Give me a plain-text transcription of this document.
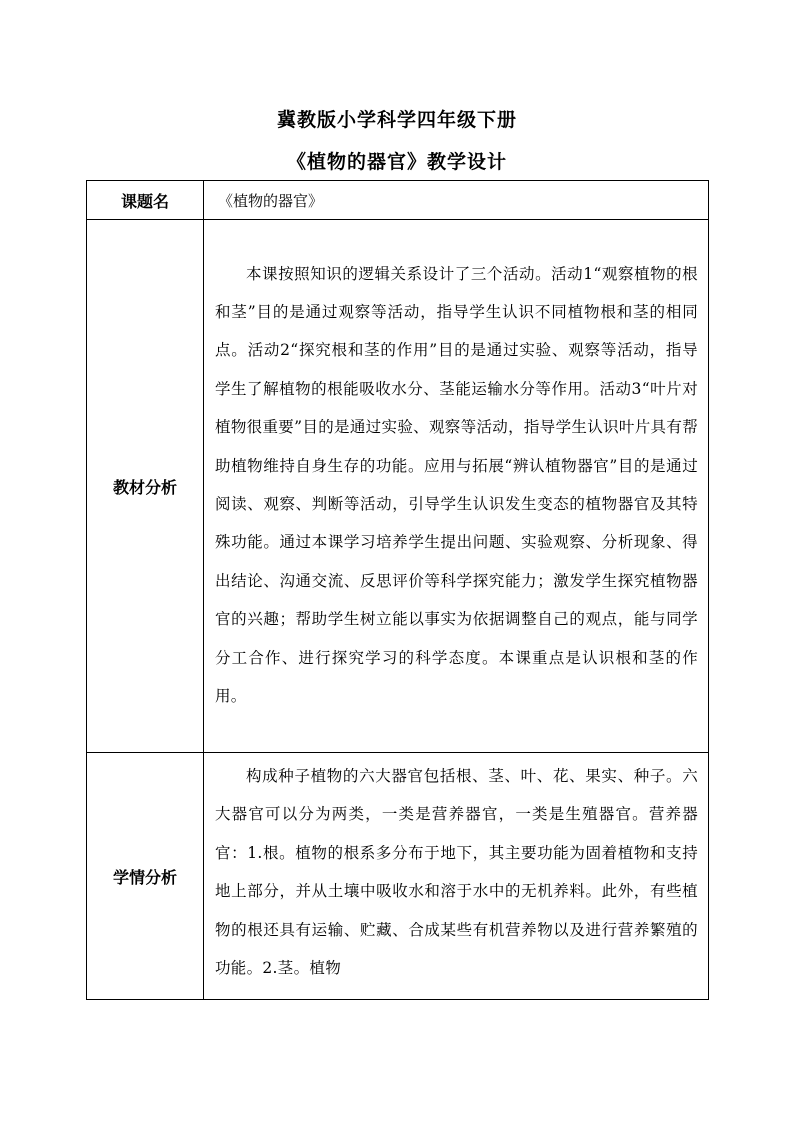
冀教版小学科学四年级下册
《植物的器官》教学设计
课题名	《植物的器官》
教材分析	本课按照知识的逻辑关系设计了三个活动。活动1“观察植物的根和茎”目的是通过观察等活动，指导学生认识不同植物根和茎的相同点。活动2“探究根和茎的作用”目的是通过实验、观察等活动，指导学生了解植物的根能吸收水分、茎能运输水分等作用。活动3“叶片对植物很重要”目的是通过实验、观察等活动，指导学生认识叶片具有帮助植物维持自身生存的功能。应用与拓展“辨认植物器官”目的是通过阅读、观察、判断等活动，引导学生认识发生变态的植物器官及其特殊功能。通过本课学习培养学生提出问题、实验观察、分析现象、得出结论、沟通交流、反思评价等科学探究能力；激发学生探究植物器官的兴趣；帮助学生树立能以事实为依据调整自己的观点，能与同学分工合作、进行探究学习的科学态度。本课重点是认识根和茎的作用。

学情分析	构成种子植物的六大器官包括根、茎、叶、花、果实、种子。六大器官可以分为两类，一类是营养器官，一类是生殖器官。营养器官：1.根。植物的根系多分布于地下，其主要功能为固着植物和支持地上部分，并从土壤中吸收水和溶于水中的无机养料。此外，有些植物的根还具有运输、贮藏、合成某些有机营养物以及进行营养繁殖的功能。2.茎。植物
